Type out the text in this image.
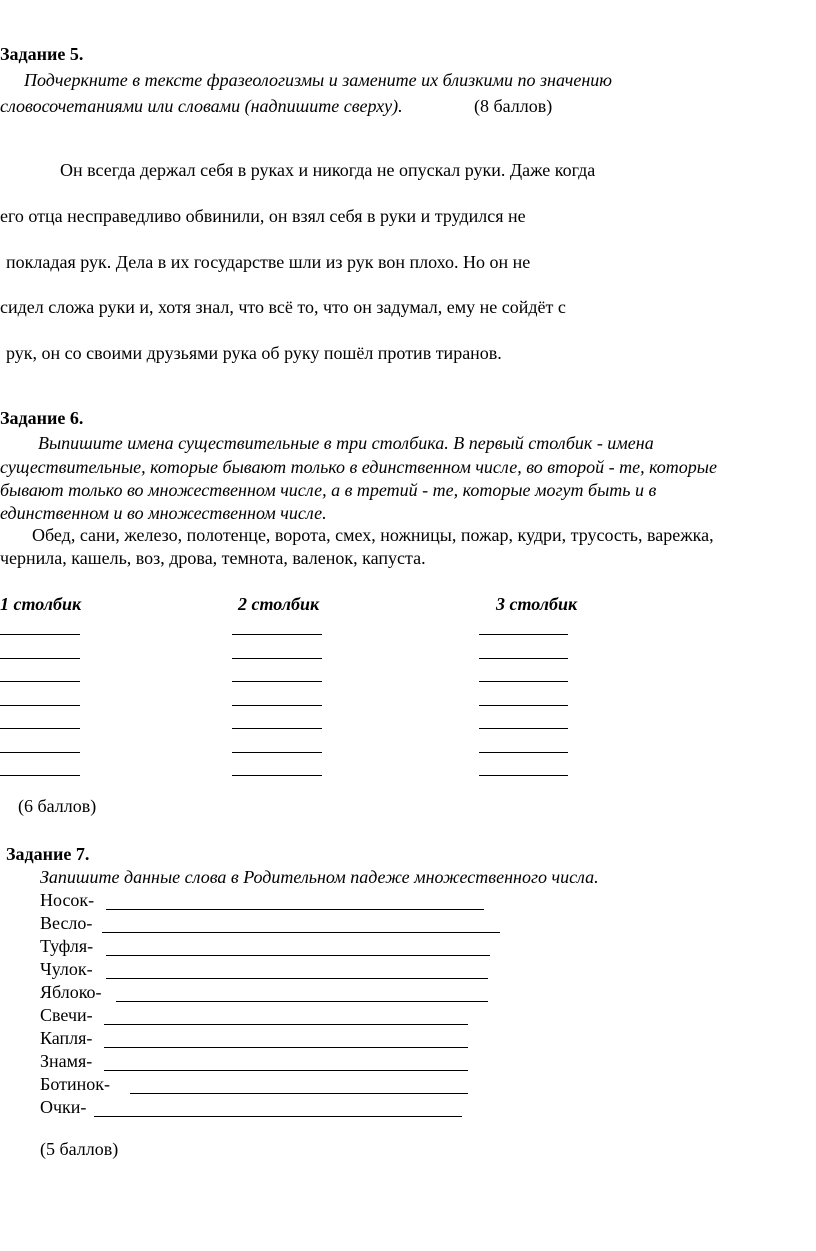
Задание 5.
Подчеркните в тексте фразеологизмы и замените их близкими по значению
словосочетаниями или словами (надпишите сверху).	(8 баллов)
Он всегда держал себя в руках и никогда не опускал руки. Даже когда
его отца несправедливо обвинили, он взял себя в руки и трудился не
покладая рук. Дела в их государстве шли из рук вон плохо. Но он не
сидел сложа руки и, хотя знал, что всё то, что он задумал, ему не сойдёт с
рук, он со своими друзьями рука об руку пошёл против тиранов.
Задание 6.
Выпишите имена существительные в три столбика. В первый столбик - имена
существительные, которые бывают только в единственном числе, во второй - те, которые
бывают только во множественном числе, а в третий - те, которые могут быть и в
единственном и во множественном числе.
Обед, сани, железо, полотенце, ворота, смех, ножницы, пожар, кудри, трусость, варежка,
чернила, кашель, воз, дрова, темнота, валенок, капуста.
1 столбик	2 столбик	3 столбик
(6 баллов)
Задание 7.
Запишите данные слова в Родительном падеже множественного числа.
Носок-
Весло-
Туфля-
Чулок-
Яблоко-
Свечи-
Капля-
Знамя-
Ботинок-
Очки-
(5 баллов)
